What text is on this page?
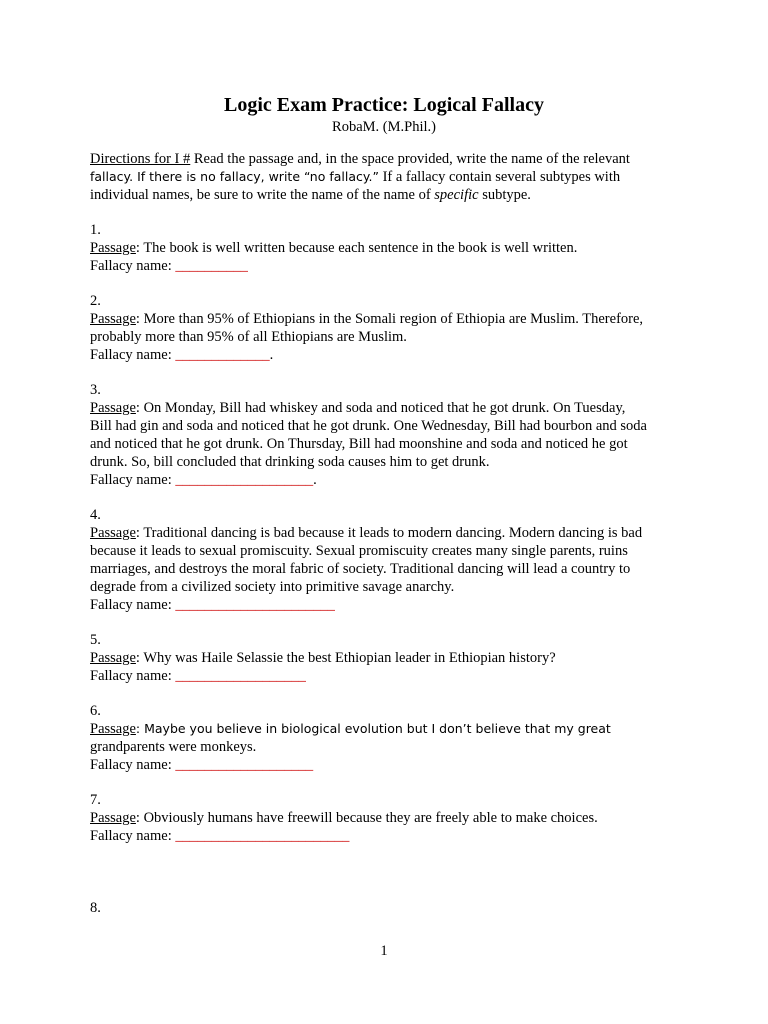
Logic Exam Practice: Logical Fallacy
RobaM. (M.Phil.)

Directions for I # Read the passage and, in the space provided, write the name of the relevant

fallacy. If there is no fallacy, write “no fallacy.” If a fallacy contain several subtypes with

individual names, be sure to write the name of the name of specific subtype.

1.

Passage: The book is well written because each sentence in the book is well written.

Fallacy name: __________

2.

Passage: More than 95% of Ethiopians in the Somali region of Ethiopia are Muslim. Therefore,

probably more than 95% of all Ethiopians are Muslim.

Fallacy name: _____________.

3.

Passage: On Monday, Bill had whiskey and soda and noticed that he got drunk. On Tuesday,

Bill had gin and soda and noticed that he got drunk. One Wednesday, Bill had bourbon and soda

and noticed that he got drunk. On Thursday, Bill had moonshine and soda and noticed he got

drunk. So, bill concluded that drinking soda causes him to get drunk.

Fallacy name: ___________________.

4.

Passage: Traditional dancing is bad because it leads to modern dancing. Modern dancing is bad

because it leads to sexual promiscuity. Sexual promiscuity creates many single parents, ruins

marriages, and destroys the moral fabric of society. Traditional dancing will lead a country to

degrade from a civilized society into primitive savage anarchy.

Fallacy name: ______________________

5.

Passage: Why was Haile Selassie the best Ethiopian leader in Ethiopian history?

Fallacy name: __________________

6.

Passage: Maybe you believe in biological evolution but I don’t believe that my great

grandparents were monkeys.

Fallacy name: ___________________

7.

Passage: Obviously humans have freewill because they are freely able to make choices.

Fallacy name: ________________________

8.
1
